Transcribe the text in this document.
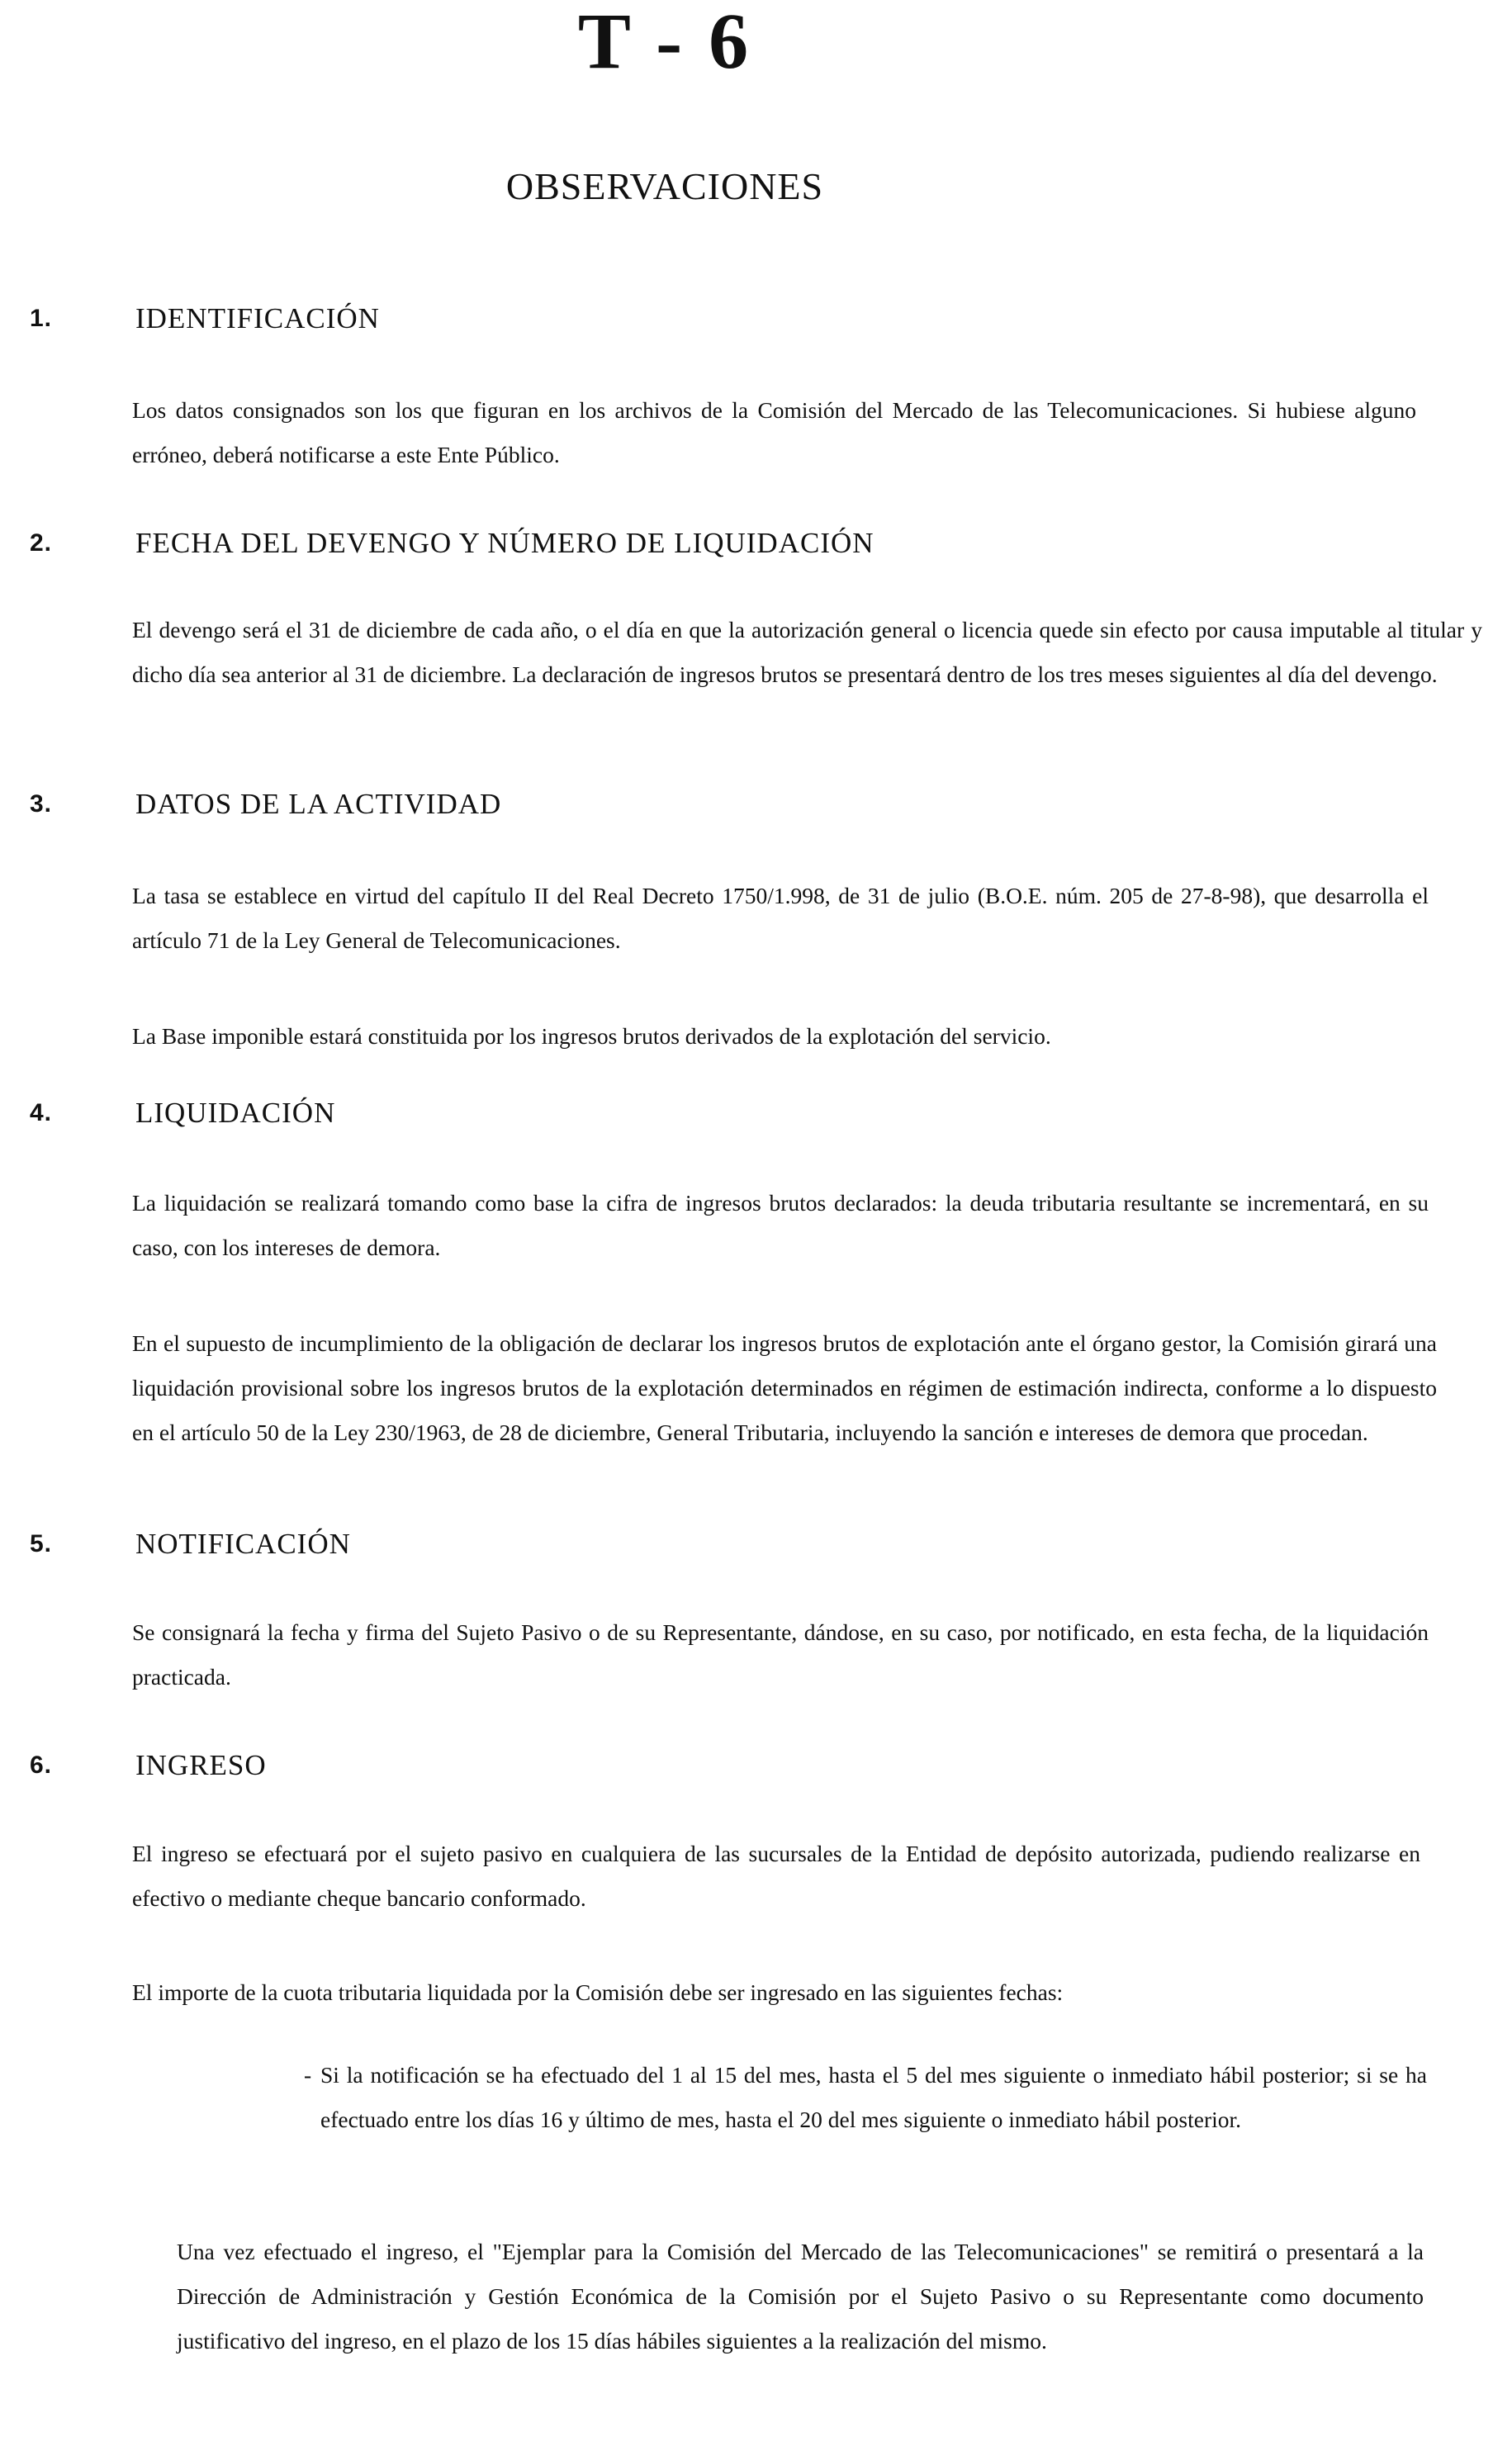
T - 6
OBSERVACIONES
1.	IDENTIFICACIÓN

Los datos consignados son los que figuran en los archivos de la Comisión del Mercado de las Telecomunicaciones. Si hubiese alguno erróneo, deberá notificarse a este Ente Público.

2.	FECHA DEL DEVENGO Y NÚMERO DE LIQUIDACIÓN

El devengo será el 31 de diciembre de cada año, o el día en que la autorización general o licencia quede sin efecto por causa imputable al titular y dicho día sea anterior al 31 de diciembre. La declaración de ingresos brutos se presentará dentro de los tres meses siguientes al día del devengo.

3.	DATOS DE LA ACTIVIDAD

La tasa se establece en virtud del capítulo II del Real Decreto 1750/1.998, de 31 de julio (B.O.E. núm. 205 de 27-8-98), que desarrolla el artículo 71 de la Ley General de Telecomunicaciones.

La Base imponible estará constituida por los ingresos brutos derivados de la explotación del servicio.

4.	LIQUIDACIÓN

La liquidación se realizará tomando como base la cifra de ingresos brutos declarados: la deuda tributaria resultante se incrementará, en su caso, con los intereses de demora.

En el supuesto de incumplimiento de la obligación de declarar los ingresos brutos de explotación ante el órgano gestor, la Comisión girará una liquidación provisional sobre los ingresos brutos de la explotación determinados en régimen de estimación indirecta, conforme a lo dispuesto en el artículo 50 de la Ley 230/1963, de 28 de diciembre, General Tributaria, incluyendo la sanción e intereses de demora que procedan.

5.	NOTIFICACIÓN

Se consignará la fecha y firma del Sujeto Pasivo o de su Representante, dándose, en su caso, por notificado, en esta fecha, de la liquidación practicada.

6.	INGRESO

El ingreso se efectuará por el sujeto pasivo en cualquiera de las sucursales de la Entidad de depósito autorizada, pudiendo realizarse en efectivo o mediante cheque bancario conformado.

El importe de la cuota tributaria liquidada por la Comisión debe ser ingresado en las siguientes fechas:

- Si la notificación se ha efectuado del 1 al 15 del mes, hasta el 5 del mes siguiente o inmediato hábil posterior; si se ha efectuado entre los días 16 y último de mes, hasta el 20 del mes siguiente o inmediato hábil posterior.

Una vez efectuado el ingreso, el "Ejemplar para la Comisión del Mercado de las Telecomunicaciones" se remitirá o presentará a la Dirección de Administración y Gestión Económica de la Comisión por el Sujeto Pasivo o su Representante como documento justificativo del ingreso, en el plazo de los 15 días hábiles siguientes a la realización del mismo.
